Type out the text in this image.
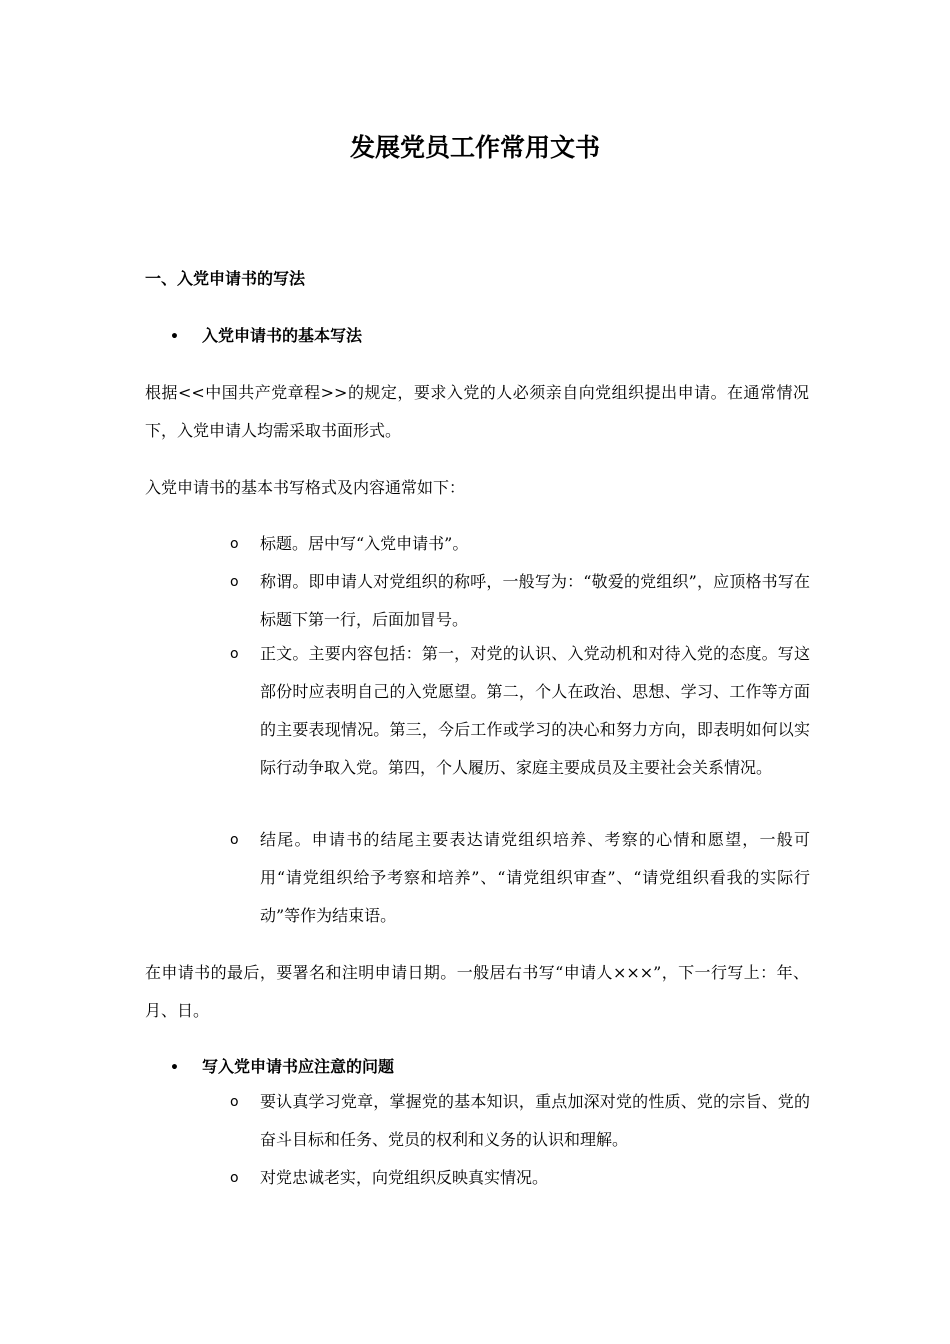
发展党员工作常用文书
一、入党申请书的写法
• 入党申请书的基本写法
根据<<中国共产党章程>>的规定，要求入党的人必须亲自向党组织提出申请。在通常情况下，入党申请人均需采取书面形式。
入党申请书的基本书写格式及内容通常如下：
o	标题。居中写“入党申请书”。
o	称谓。即申请人对党组织的称呼，一般写为：“敬爱的党组织”，应顶格书写在标题下第一行，后面加冒号。
o	正文。主要内容包括：第一，对党的认识、入党动机和对待入党的态度。写这部份时应表明自己的入党愿望。第二，个人在政治、思想、学习、工作等方面的主要表现情况。第三，今后工作或学习的决心和努力方向，即表明如何以实际行动争取入党。第四，个人履历、家庭主要成员及主要社会关系情况。
o	结尾。申请书的结尾主要表达请党组织培养、考察的心情和愿望，一般可用“请党组织给予考察和培养”、“请党组织审查”、“请党组织看我的实际行动”等作为结束语。
在申请书的最后，要署名和注明申请日期。一般居右书写“申请人×××”，下一行写上：年、月、日。
• 写入党申请书应注意的问题
o	要认真学习党章，掌握党的基本知识，重点加深对党的性质、党的宗旨、党的奋斗目标和任务、党员的权利和义务的认识和理解。
o	对党忠诚老实，向党组织反映真实情况。
